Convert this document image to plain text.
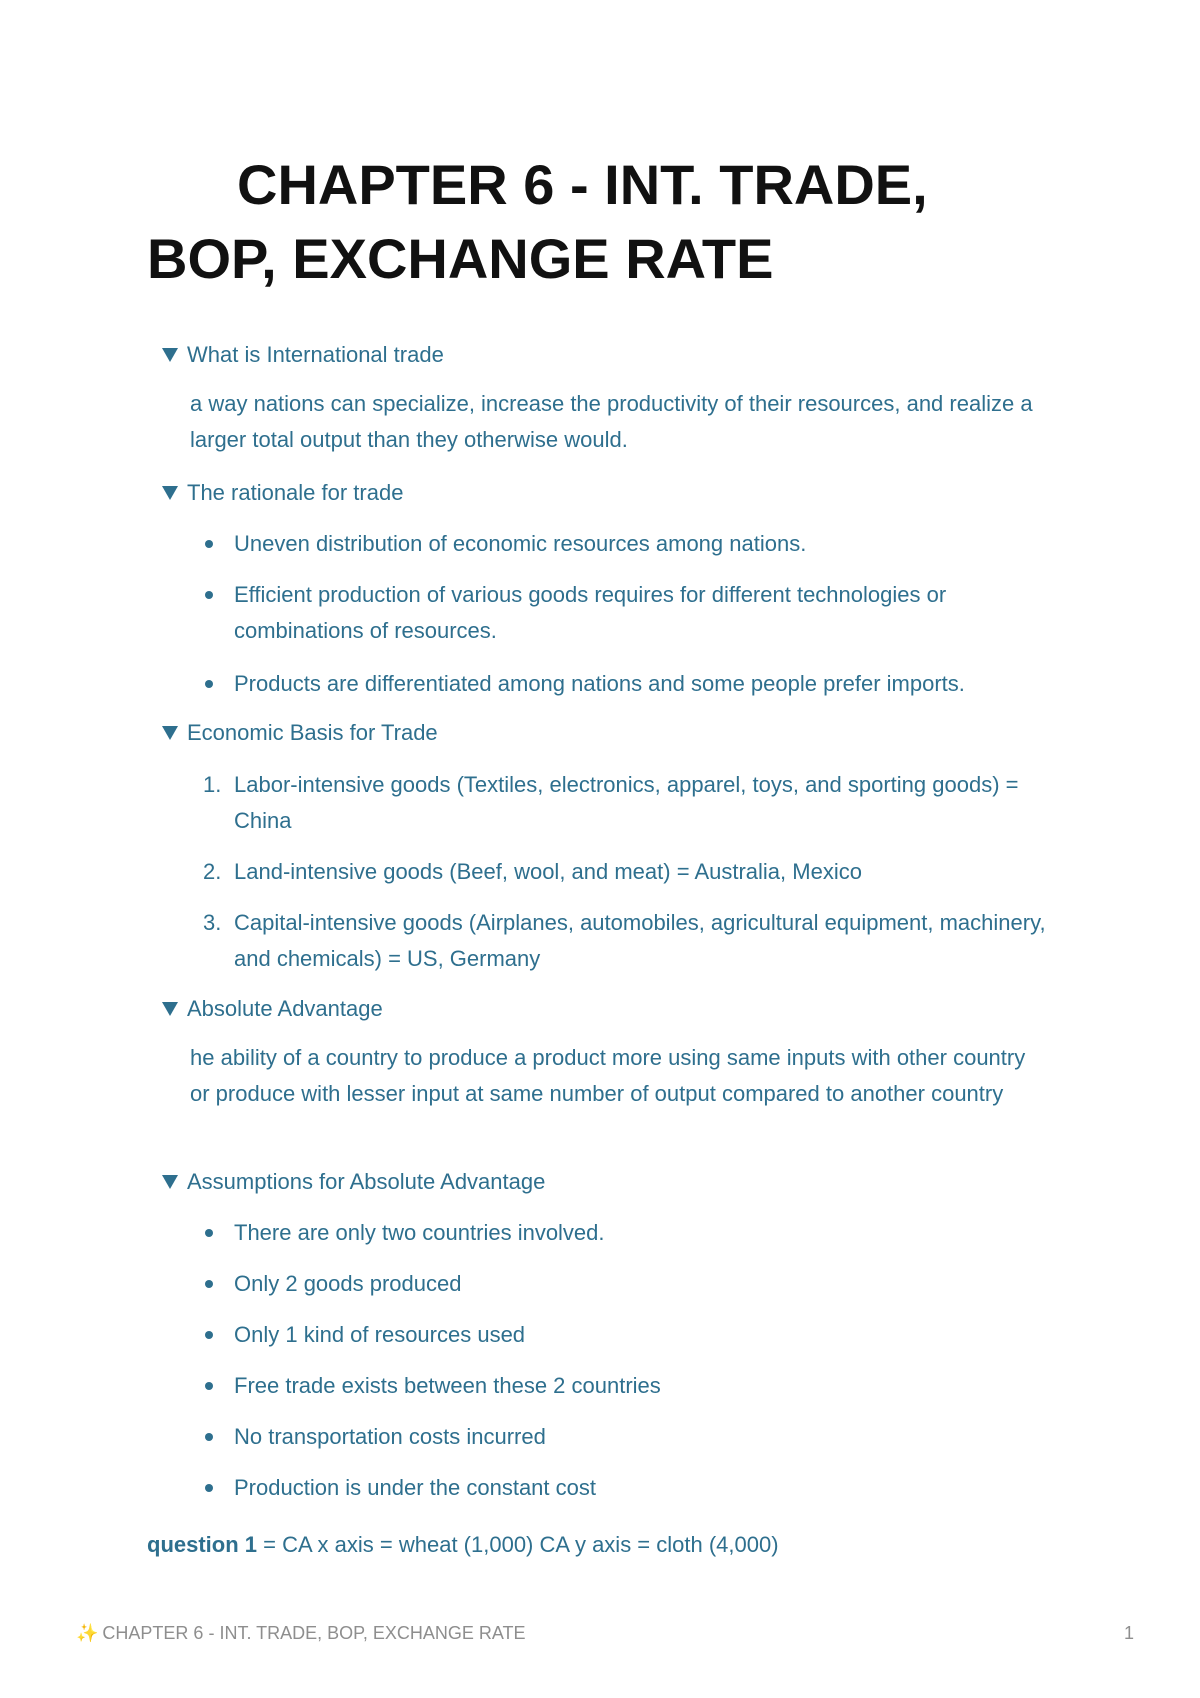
CHAPTER 6 - INT. TRADE, BOP, EXCHANGE RATE
What is International trade

a way nations can specialize, increase the productivity of their resources, and realize a larger total output than they otherwise would.

The rationale for trade

Uneven distribution of economic resources among nations.

Efficient production of various goods requires for different technologies or combinations of resources.

Products are differentiated among nations and some people prefer imports.

Economic Basis for Trade
1. Labor-intensive goods (Textiles, electronics, apparel, toys, and sporting goods) = China

2. Land-intensive goods (Beef, wool, and meat) = Australia, Mexico

3. Capital-intensive goods (Airplanes, automobiles, agricultural equipment, machinery, and chemicals) = US, Germany

Absolute Advantage

he ability of a country to produce a product more using same inputs with other country or produce with lesser input at same number of output compared to another country

Assumptions for Absolute Advantage

There are only two countries involved.

Only 2 goods produced

Only 1 kind of resources used

Free trade exists between these 2 countries

No transportation costs incurred

Production is under the constant cost

question 1 = CA x axis = wheat (1,000) CA y axis = cloth (4,000)
✨ CHAPTER 6 - INT. TRADE, BOP, EXCHANGE RATE	1
